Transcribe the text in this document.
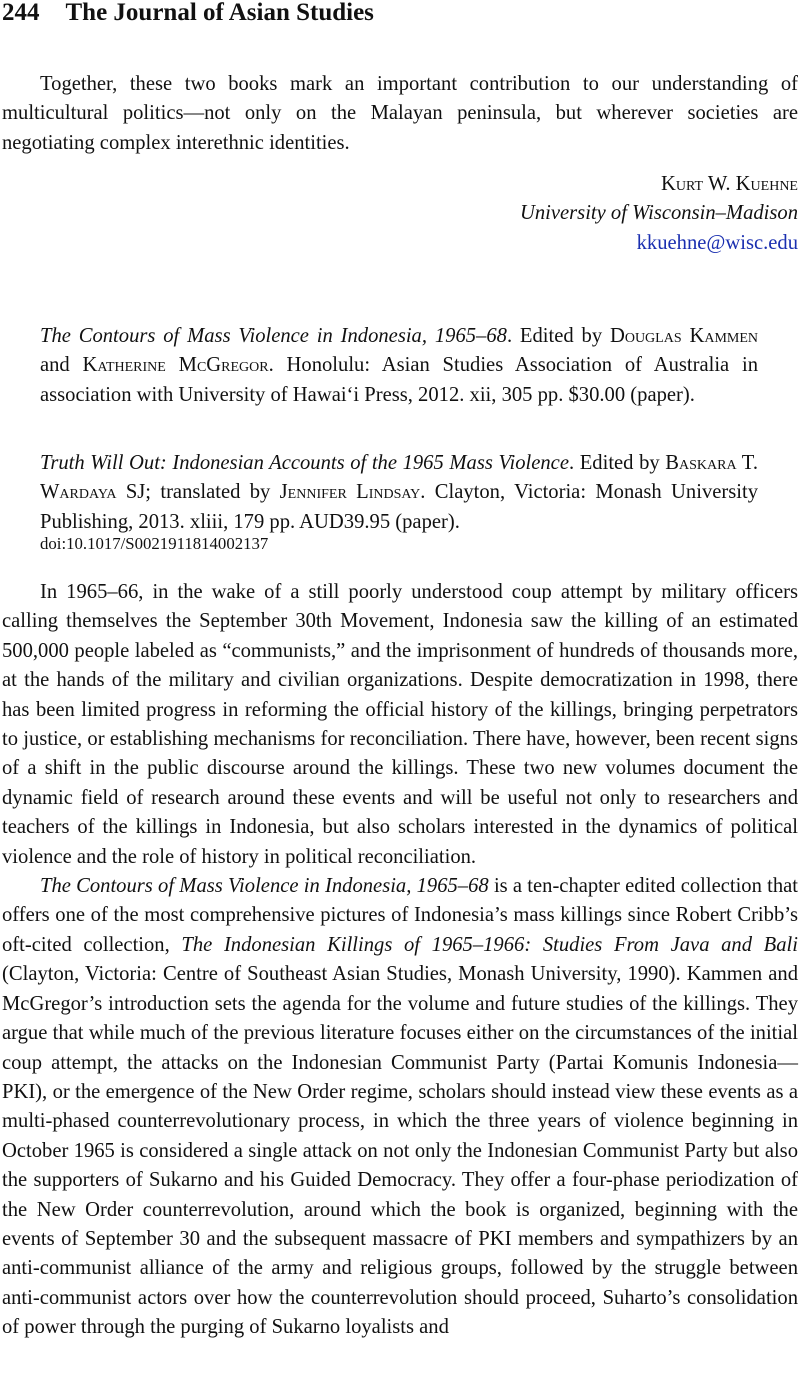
244 The Journal of Asian Studies

Together, these two books mark an important contribution to our understanding of multicultural politics—not only on the Malayan peninsula, but wherever societies are negotiating complex interethnic identities.

Kurt W. Kuehne
University of Wisconsin–Madison
kkuehne@wisc.edu

The Contours of Mass Violence in Indonesia, 1965–68. Edited by Douglas Kammen and Katherine McGregor. Honolulu: Asian Studies Association of Australia in association with University of Hawai‘i Press, 2012. xii, 305 pp. $30.00 (paper).

Truth Will Out: Indonesian Accounts of the 1965 Mass Violence. Edited by Baskara T. Wardaya SJ; translated by Jennifer Lindsay. Clayton, Victoria: Monash University Publishing, 2013. xliii, 179 pp. AUD39.95 (paper).

doi:10.1017/S0021911814002137

In 1965–66, in the wake of a still poorly understood coup attempt by military officers calling themselves the September 30th Movement, Indonesia saw the killing of an estimated 500,000 people labeled as “communists,” and the imprisonment of hundreds of thousands more, at the hands of the military and civilian organizations. Despite democratization in 1998, there has been limited progress in reforming the official history of the killings, bringing perpetrators to justice, or establishing mechanisms for reconciliation. There have, however, been recent signs of a shift in the public discourse around the killings. These two new volumes document the dynamic field of research around these events and will be useful not only to researchers and teachers of the killings in Indonesia, but also scholars interested in the dynamics of political violence and the role of history in political reconciliation.

The Contours of Mass Violence in Indonesia, 1965–68 is a ten-chapter edited collection that offers one of the most comprehensive pictures of Indonesia’s mass killings since Robert Cribb’s oft-cited collection, The Indonesian Killings of 1965–1966: Studies From Java and Bali (Clayton, Victoria: Centre of Southeast Asian Studies, Monash University, 1990). Kammen and McGregor’s introduction sets the agenda for the volume and future studies of the killings. They argue that while much of the previous literature focuses either on the circumstances of the initial coup attempt, the attacks on the Indonesian Communist Party (Partai Komunis Indonesia—PKI), or the emergence of the New Order regime, scholars should instead view these events as a multi-phased counterrevolutionary process, in which the three years of violence beginning in October 1965 is considered a single attack on not only the Indonesian Communist Party but also the supporters of Sukarno and his Guided Democracy. They offer a four-phase periodization of the New Order counterrevolution, around which the book is organized, beginning with the events of September 30 and the subsequent massacre of PKI members and sympathizers by an anti-communist alliance of the army and religious groups, followed by the struggle between anti-communist actors over how the counterrevolution should proceed, Suharto’s consolidation of power through the purging of Sukarno loyalists and
